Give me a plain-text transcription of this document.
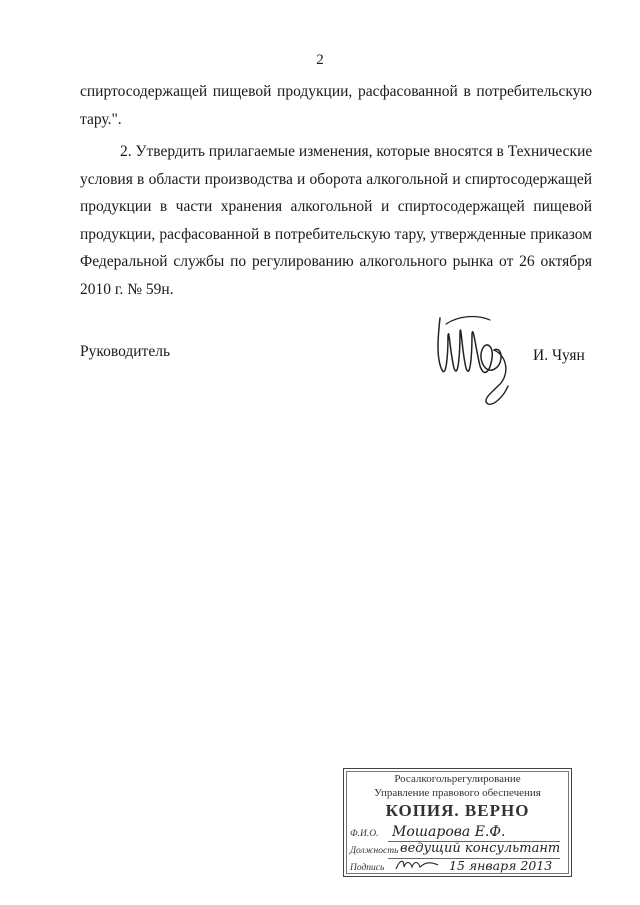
2
спиртосодержащей пищевой продукции, расфасованной в потребительскую
тару.".
2. Утвердить прилагаемые изменения, которые вносятся в Технические
условия в области производства и оборота алкогольной и спиртосодержащей
продукции в части хранения алкогольной и спиртосодержащей пищевой
продукции, расфасованной в потребительскую тару, утвержденные приказом
Федеральной службы по регулированию алкогольного рынка от 26 октября
2010 г. № 59н.
Руководитель	И. Чуян
Росалкогольрегулирование
Управление правового обеспечения
КОПИЯ. ВЕРНО
Ф.И.О. Мошарова Е.Ф.
Должность ведущий консультант
Подпись	15 января 2013
